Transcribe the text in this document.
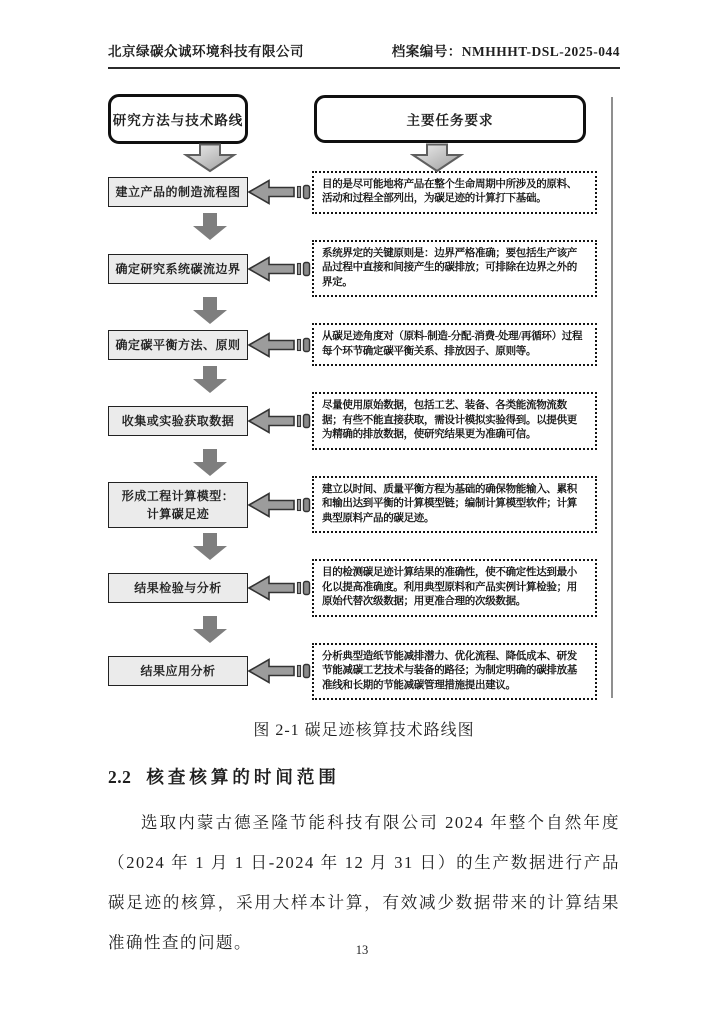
北京绿碳众诚环境科技有限公司	档案编号：NMHHHT-DSL-2025-044
研究方法与技术路线	主要任务要求
建立产品的制造流程图
目的是尽可能地将产品在整个生命周期中所涉及的原料、活动和过程全部列出，为碳足迹的计算打下基础。
确定研究系统碳流边界
系统界定的关键原则是：边界严格准确；要包括生产该产品过程中直接和间接产生的碳排放；可排除在边界之外的界定。
确定碳平衡方法、原则
从碳足迹角度对（原料-制造-分配-消费-处理/再循环）过程每个环节确定碳平衡关系、排放因子、原则等。
收集或实验获取数据
尽量使用原始数据，包括工艺、装备、各类能流物流数据；有些不能直接获取，需设计模拟实验得到。以提供更为精确的排放数据，使研究结果更为准确可信。
形成工程计算模型：
计算碳足迹
建立以时间、质量平衡方程为基础的确保物能输入、累积和输出达到平衡的计算模型链；编制计算模型软件；计算典型原料产品的碳足迹。
结果检验与分析
目的检测碳足迹计算结果的准确性，使不确定性达到最小化以提高准确度。利用典型原料和产品实例计算检验；用原始代替次级数据；用更准合理的次级数据。
结果应用分析
分析典型造纸节能减排潜力、优化流程、降低成本、研发节能减碳工艺技术与装备的路径；为制定明确的碳排放基准线和长期的节能减碳管理措施提出建议。
图 2-1 碳足迹核算技术路线图
2.2 核查核算的时间范围
选取内蒙古德圣隆节能科技有限公司 2024 年整个自然年度（2024 年 1 月 1 日-2024 年 12 月 31 日）的生产数据进行产品碳足迹的核算，采用大样本计算，有效减少数据带来的计算结果准确性查的问题。	13
